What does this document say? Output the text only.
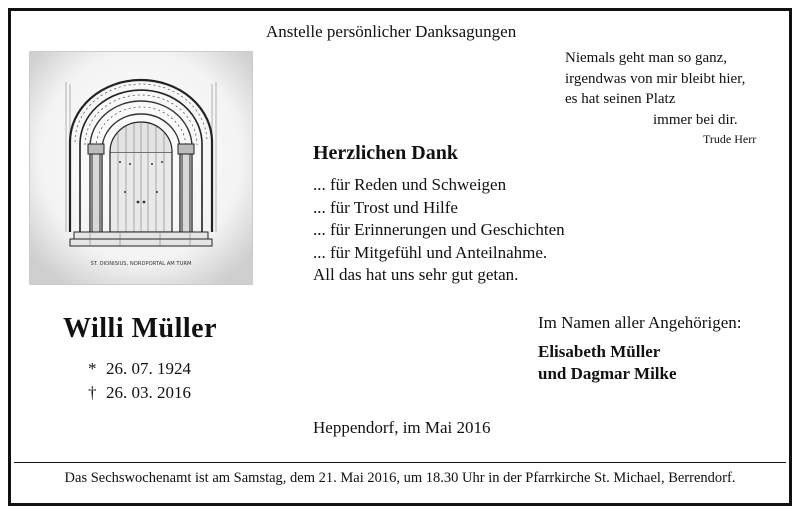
Anstelle persönlicher Danksagungen
Niemals geht man so ganz,
irgendwas von mir bleibt hier,
es hat seinen Platz
immer bei dir.
Trude Herr
ST. DIONISIUS, NORDPORTAL AM TURM
Herzlichen Dank
... für Reden und Schweigen
... für Trost und Hilfe
... für Erinnerungen und Geschichten
... für Mitgefühl und Anteilnahme.
All das hat uns sehr gut getan.
Willi Müller
* 26. 07. 1924
† 26. 03. 2016
Im Namen aller Angehörigen:
Elisabeth Müller
und Dagmar Milke
Heppendorf, im Mai 2016
Das Sechswochenamt ist am Samstag, dem 21. Mai 2016, um 18.30 Uhr in der Pfarrkirche St. Michael, Berrendorf.
